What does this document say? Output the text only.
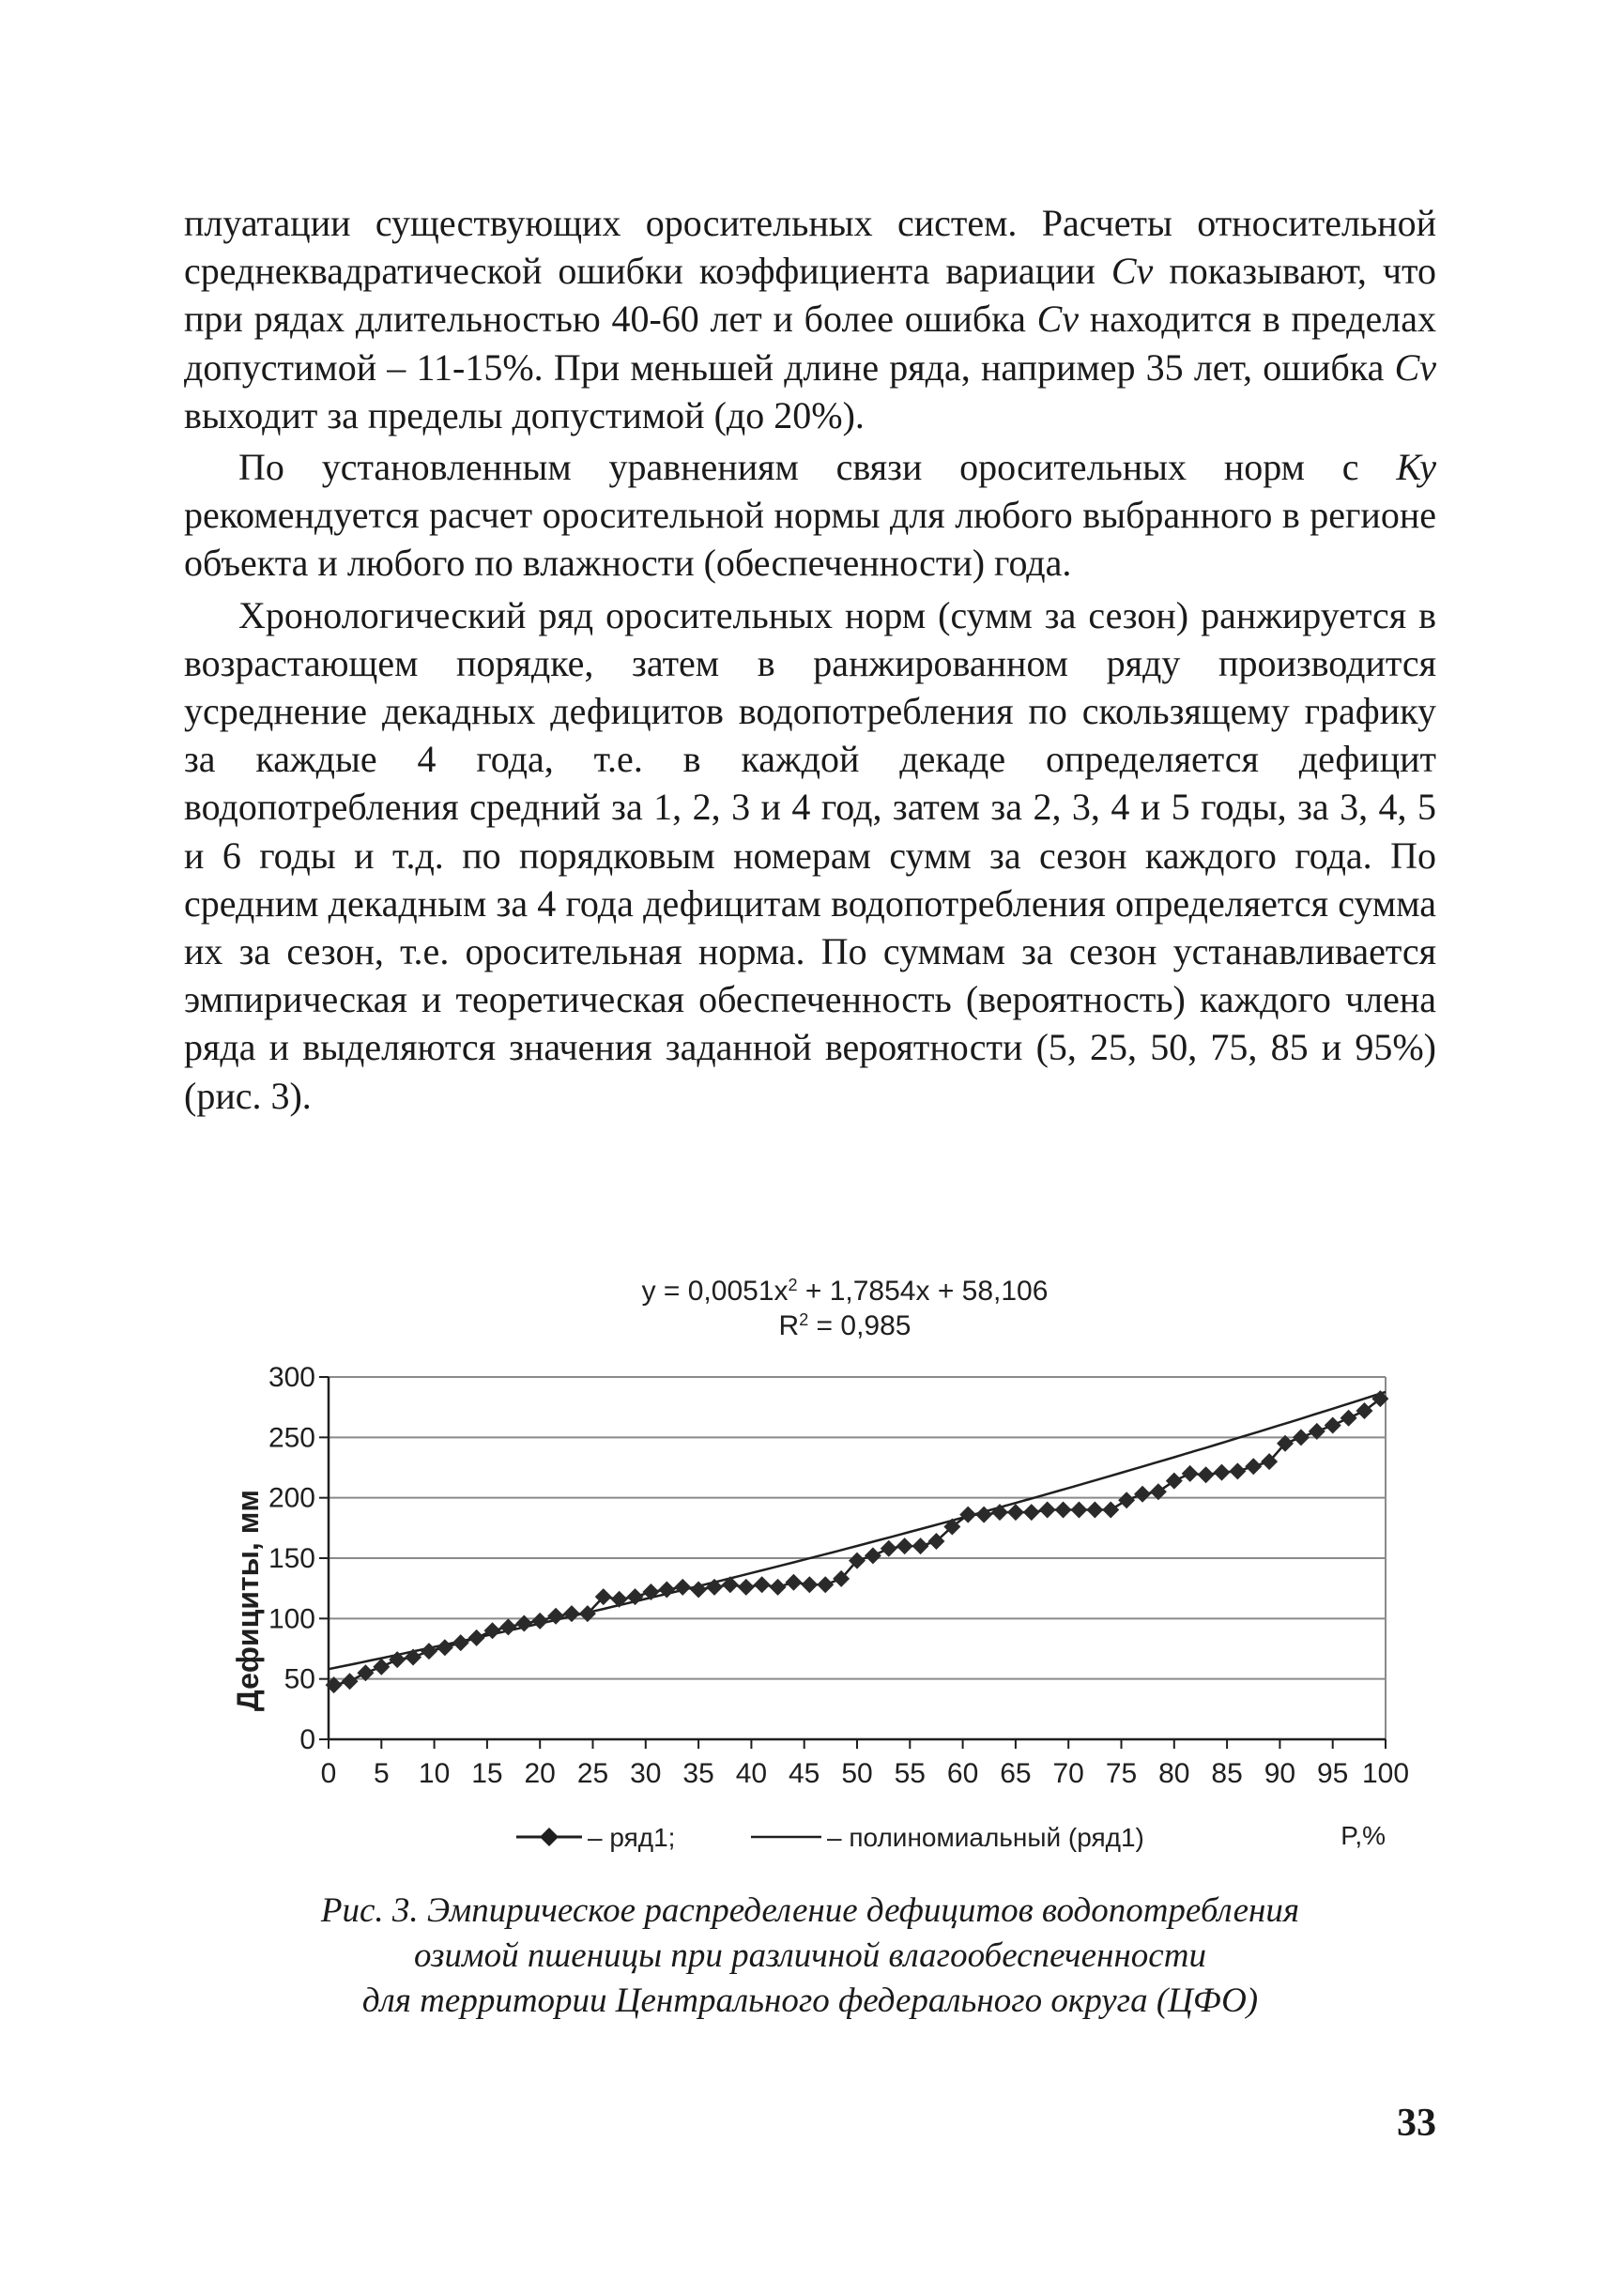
плуатации существующих оросительных систем. Расчеты относительной среднеквадратической ошибки коэффициента вариации Cv показывают, что при рядах длительностью 40-60 лет и более ошибка Cv находится в пределах допустимой – 11-15%. При меньшей длине ряда, например 35 лет, ошибка Cv выходит за пределы допустимой (до 20%).

По установленным уравнениям связи оросительных норм с Ку рекомендуется расчет оросительной нормы для любого выбранного в регионе объекта и любого по влажности (обеспеченности) года.

Хронологический ряд оросительных норм (сумм за сезон) ранжируется в возрастающем порядке, затем в ранжированном ряду производится усреднение декадных дефицитов водопотребления по скользящему графику за каждые 4 года, т.е. в каждой декаде определяется дефицит водопотребления средний за 1, 2, 3 и 4 год, затем за 2, 3, 4 и 5 годы, за 3, 4, 5 и 6 годы и т.д. по порядковым номерам сумм за сезон каждого года. По средним декадным за 4 года дефицитам водопотребления определяется сумма их за сезон, т.е. оросительная норма. По суммам за сезон устанавливается эмпирическая и теоретическая обеспеченность (вероятность) каждого члена ряда и выделяются значения заданной вероятности (5, 25, 50, 75, 85 и 95%) (рис. 3).

$y = 0,0051x^2 + 1,7854x + 58,106$
$R^2 = 0,985$
0
50
100
150
200
250
300
0 5 10 15 20 25 30 35 40 45 50 55 60 65 70 75 80 85 90 95 100
Дефициты, мм
P,%
– ряд1;	– полиномиальный (ряд1)
Рис. 3. Эмпирическое распределение дефицитов водопотребления
озимой пшеницы при различной влагообеспеченности
для территории Центрального федерального округа (ЦФО)
33
